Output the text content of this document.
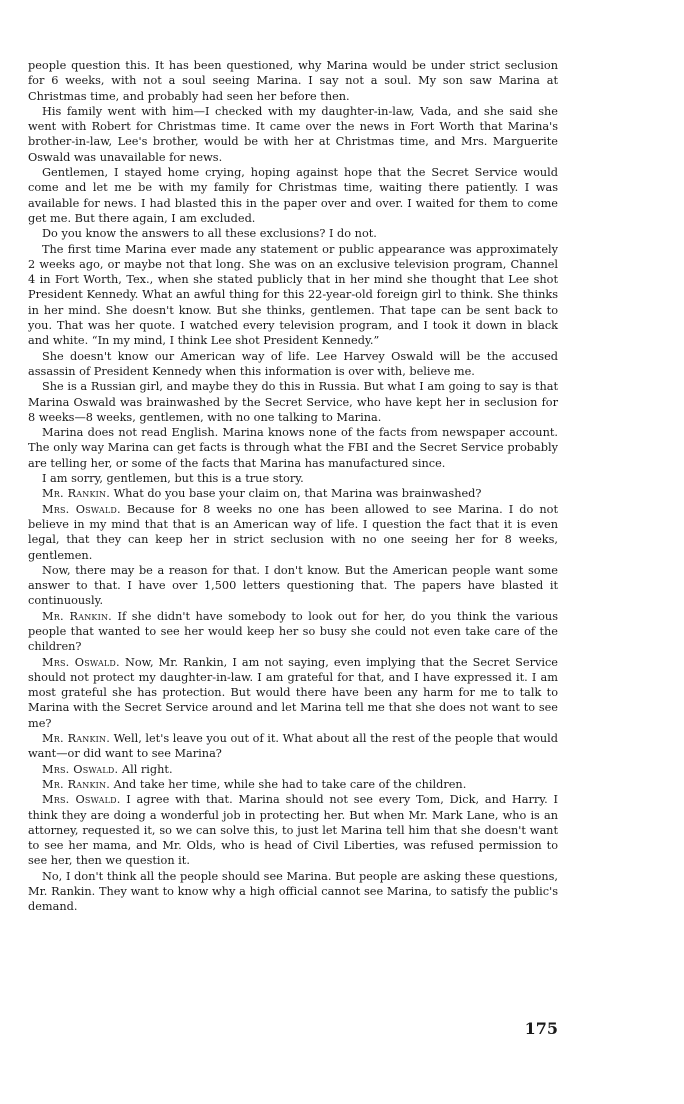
people question this. It has been questioned, why Marina would be under strict seclusion for 6 weeks, with not a soul seeing Marina. I say not a soul. My son saw Marina at Christmas time, and probably had seen her before then.

His family went with him—I checked with my daughter-in-law, Vada, and she said she went with Robert for Christmas time. It came over the news in Fort Worth that Marina's brother-in-law, Lee's brother, would be with her at Christmas time, and Mrs. Marguerite Oswald was unavailable for news.

Gentlemen, I stayed home crying, hoping against hope that the Secret Service would come and let me be with my family for Christmas time, waiting there patiently. I was available for news. I had blasted this in the paper over and over. I waited for them to come get me. But there again, I am excluded.

Do you know the answers to all these exclusions? I do not.

The first time Marina ever made any statement or public appearance was approximately 2 weeks ago, or maybe not that long. She was on an exclusive television program, Channel 4 in Fort Worth, Tex., when she stated publicly that in her mind she thought that Lee shot President Kennedy. What an awful thing for this 22-year-old foreign girl to think. She thinks in her mind. She doesn't know. But she thinks, gentlemen. That tape can be sent back to you. That was her quote. I watched every television program, and I took it down in black and white. “In my mind, I think Lee shot President Kennedy.”

She doesn't know our American way of life. Lee Harvey Oswald will be the accused assassin of President Kennedy when this information is over with, believe me.

She is a Russian girl, and maybe they do this in Russia. But what I am going to say is that Marina Oswald was brainwashed by the Secret Service, who have kept her in seclusion for 8 weeks—8 weeks, gentlemen, with no one talking to Marina.

Marina does not read English. Marina knows none of the facts from newspaper account. The only way Marina can get facts is through what the FBI and the Secret Service probably are telling her, or some of the facts that Marina has manufactured since.

I am sorry, gentlemen, but this is a true story.

Mr. Rankin. What do you base your claim on, that Marina was brainwashed?

Mrs. Oswald. Because for 8 weeks no one has been allowed to see Marina. I do not believe in my mind that that is an American way of life. I question the fact that it is even legal, that they can keep her in strict seclusion with no one seeing her for 8 weeks, gentlemen.

Now, there may be a reason for that. I don't know. But the American people want some answer to that. I have over 1,500 letters questioning that. The papers have blasted it continuously.

Mr. Rankin. If she didn't have somebody to look out for her, do you think the various people that wanted to see her would keep her so busy she could not even take care of the children?

Mrs. Oswald. Now, Mr. Rankin, I am not saying, even implying that the Secret Service should not protect my daughter-in-law. I am grateful for that, and I have expressed it. I am most grateful she has protection. But would there have been any harm for me to talk to Marina with the Secret Service around and let Marina tell me that she does not want to see me?

Mr. Rankin. Well, let's leave you out of it. What about all the rest of the people that would want—or did want to see Marina?

Mrs. Oswald. All right.

Mr. Rankin. And take her time, while she had to take care of the children.

Mrs. Oswald. I agree with that. Marina should not see every Tom, Dick, and Harry. I think they are doing a wonderful job in protecting her. But when Mr. Mark Lane, who is an attorney, requested it, so we can solve this, to just let Marina tell him that she doesn't want to see her mama, and Mr. Olds, who is head of Civil Liberties, was refused permission to see her, then we question it.

No, I don't think all the people should see Marina. But people are asking these questions, Mr. Rankin. They want to know why a high official cannot see Marina, to satisfy the public's demand.

175
